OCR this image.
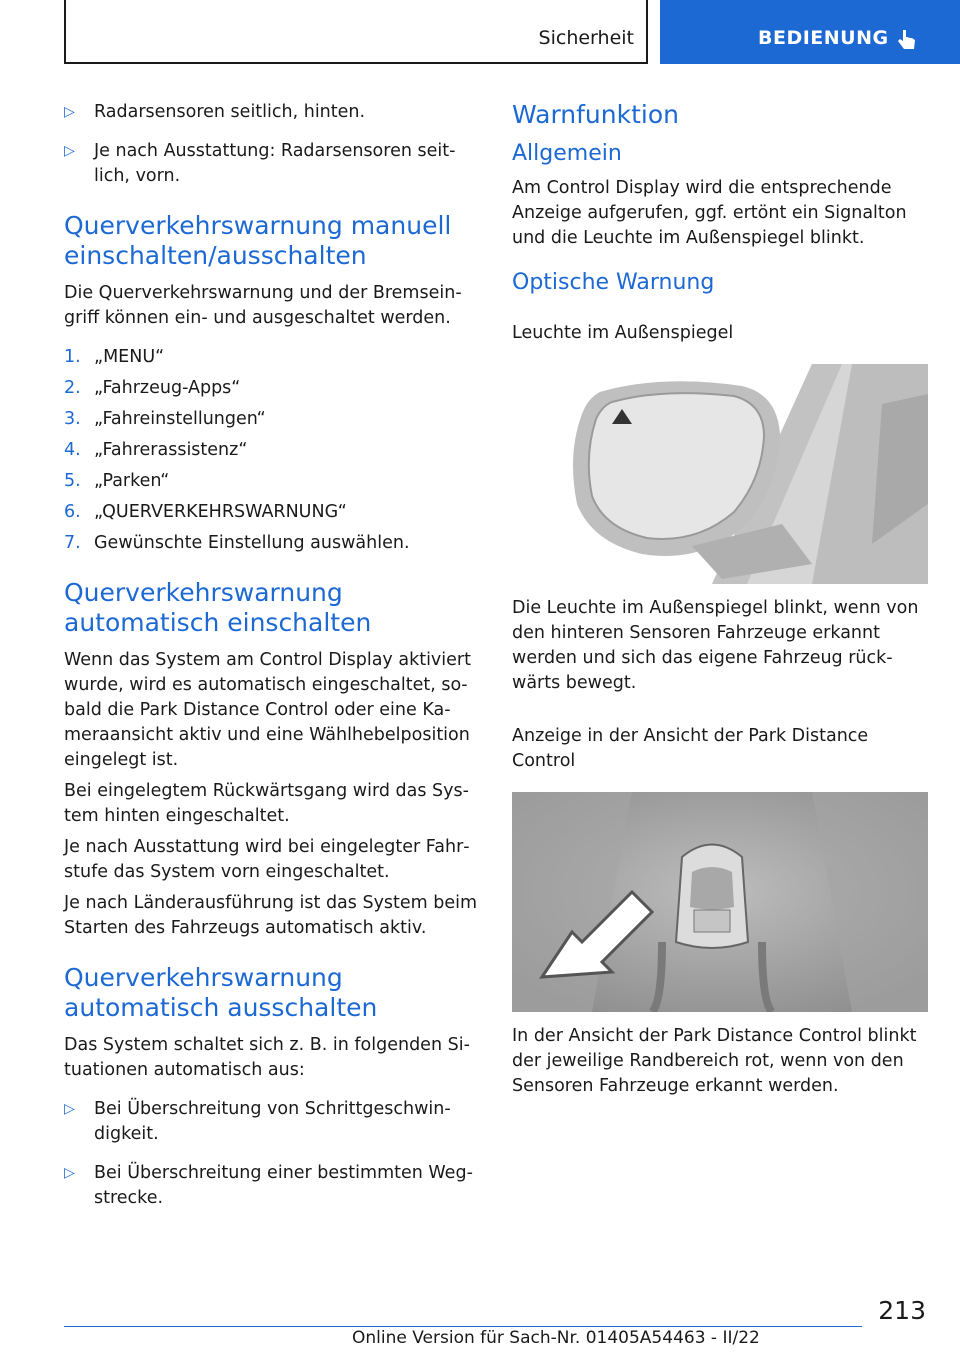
Sicherheit	BEDIENUNG
▷ Radarsensoren seitlich, hinten.
▷ Je nach Ausstattung: Radarsensoren seitlich, vorn.
Querverkehrswarnung manuell einschalten/ausschalten

Die Querverkehrswarnung und der Bremseingriff können ein- und ausgeschaltet werden.

1. „MENU“
2. „Fahrzeug-Apps“
3. „Fahreinstellungen“
4. „Fahrerassistenz“
5. „Parken“
6. „QUERVERKEHRSWARNUNG“
7. Gewünschte Einstellung auswählen.
Querverkehrswarnung automatisch einschalten

Wenn das System am Control Display aktiviert wurde, wird es automatisch eingeschaltet, sobald die Park Distance Control oder eine Kameraansicht aktiv und eine Wählhebelposition eingelegt ist.

Bei eingelegtem Rückwärtsgang wird das System hinten eingeschaltet.

Je nach Ausstattung wird bei eingelegter Fahrstufe das System vorn eingeschaltet.

Je nach Länderausführung ist das System beim Starten des Fahrzeugs automatisch aktiv.

Querverkehrswarnung automatisch ausschalten

Das System schaltet sich z. B. in folgenden Situationen automatisch aus:

▷ Bei Überschreitung von Schrittgeschwindigkeit.
▷ Bei Überschreitung einer bestimmten Wegstrecke.
Warnfunktion
Allgemein

Am Control Display wird die entsprechende Anzeige aufgerufen, ggf. ertönt ein Signalton und die Leuchte im Außenspiegel blinkt.

Optische Warnung
Leuchte im Außenspiegel

Die Leuchte im Außenspiegel blinkt, wenn von den hinteren Sensoren Fahrzeuge erkannt werden und sich das eigene Fahrzeug rückwärts bewegt.

Anzeige in der Ansicht der Park Distance Control

In der Ansicht der Park Distance Control blinkt der jeweilige Randbereich rot, wenn von den Sensoren Fahrzeuge erkannt werden.

213
Online Version für Sach-Nr. 01405A54463 - II/22
